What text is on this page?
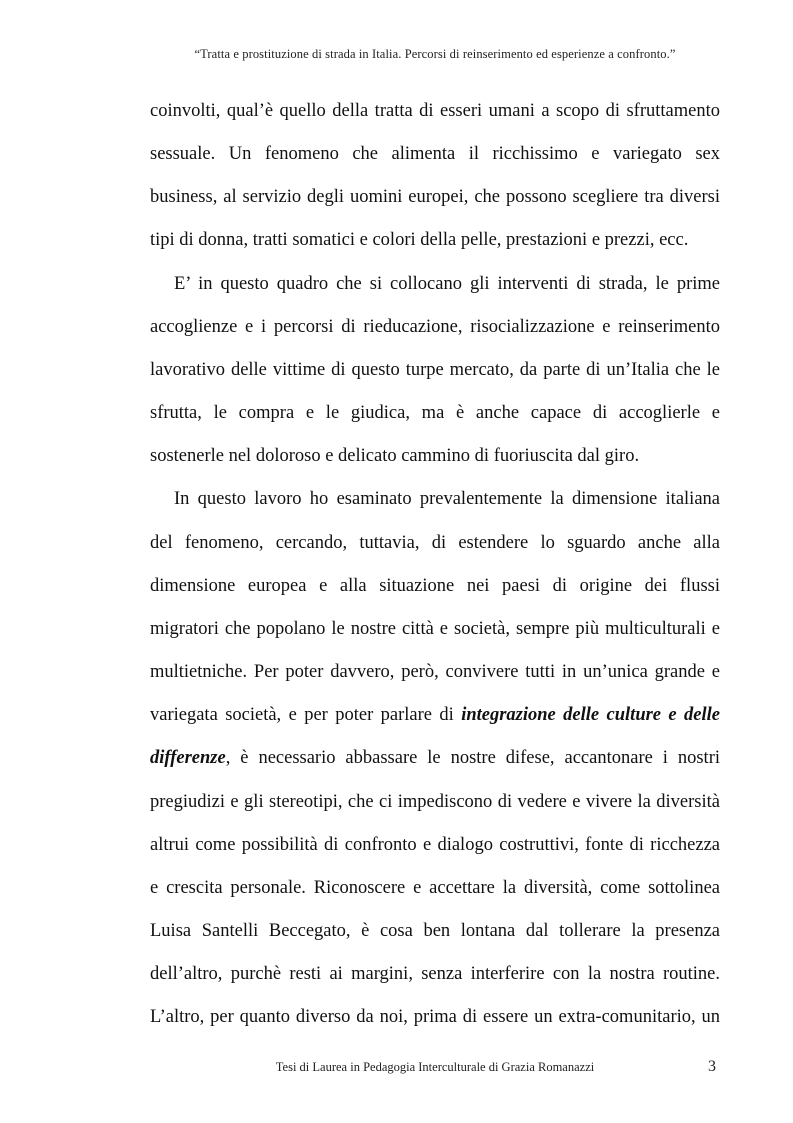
“Tratta e prostituzione di strada in Italia. Percorsi di reinserimento ed esperienze a confronto.”

coinvolti, qual’è quello della tratta di esseri umani a scopo di sfruttamento
sessuale. Un fenomeno che alimenta il ricchissimo e variegato sex
business, al servizio degli uomini europei, che possono scegliere tra diversi
tipi di donna, tratti somatici e colori della pelle, prestazioni e prezzi, ecc.

E’ in questo quadro che si collocano gli interventi di strada, le prime
accoglienze e i percorsi di rieducazione, risocializzazione e reinserimento
lavorativo delle vittime di questo turpe mercato, da parte di un’Italia che le
sfrutta, le compra e le giudica, ma è anche capace di accoglierle e
sostenerle nel doloroso e delicato cammino di fuoriuscita dal giro.

In questo lavoro ho esaminato prevalentemente la dimensione italiana
del fenomeno, cercando, tuttavia, di estendere lo sguardo anche alla
dimensione europea e alla situazione nei paesi di origine dei flussi
migratori che popolano le nostre città e società, sempre più multiculturali e
multietniche. Per poter davvero, però, convivere tutti in un’unica grande e
variegata società, e per poter parlare di integrazione delle culture e delle
differenze, è necessario abbassare le nostre difese, accantonare i nostri
pregiudizi e gli stereotipi, che ci impediscono di vedere e vivere la diversità
altrui come possibilità di confronto e dialogo costruttivi, fonte di ricchezza
e crescita personale. Riconoscere e accettare la diversità, come sottolinea
Luisa Santelli Beccegato, è cosa ben lontana dal tollerare la presenza
dell’altro, purchè resti ai margini, senza interferire con la nostra routine.
L’altro, per quanto diverso da noi, prima di essere un extra-comunitario, un

Tesi di Laurea in Pedagogia Interculturale di Grazia Romanazzi	3
